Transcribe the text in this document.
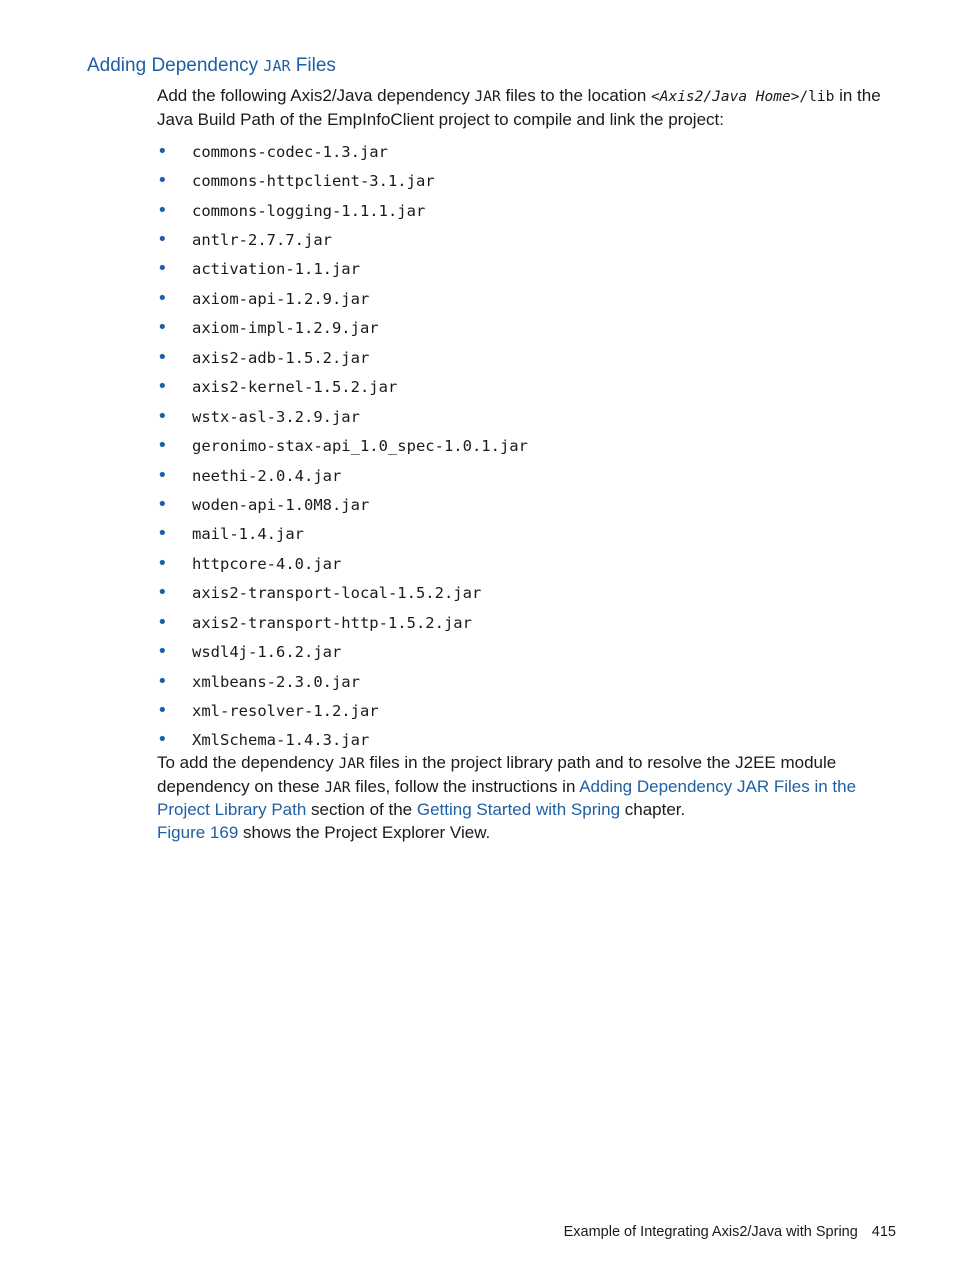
Adding Dependency JAR Files

Add the following Axis2/Java dependency JAR files to the location <Axis2/Java Home>/lib in the Java Build Path of the EmpInfoClient project to compile and link the project:

•	commons-codec-1.3.jar
•	commons-httpclient-3.1.jar
•	commons-logging-1.1.1.jar
•	antlr-2.7.7.jar
•	activation-1.1.jar
•	axiom-api-1.2.9.jar
•	axiom-impl-1.2.9.jar
•	axis2-adb-1.5.2.jar
•	axis2-kernel-1.5.2.jar
•	wstx-asl-3.2.9.jar
•	geronimo-stax-api_1.0_spec-1.0.1.jar
•	neethi-2.0.4.jar
•	woden-api-1.0M8.jar
•	mail-1.4.jar
•	httpcore-4.0.jar
•	axis2-transport-local-1.5.2.jar
•	axis2-transport-http-1.5.2.jar
•	wsdl4j-1.6.2.jar
•	xmlbeans-2.3.0.jar
•	xml-resolver-1.2.jar
•	XmlSchema-1.4.3.jar

To add the dependency JAR files in the project library path and to resolve the J2EE module dependency on these JAR files, follow the instructions in Adding Dependency JAR Files in the Project Library Path section of the Getting Started with Spring chapter.

Figure 169 shows the Project Explorer View.

Example of Integrating Axis2/Java with Spring 415
